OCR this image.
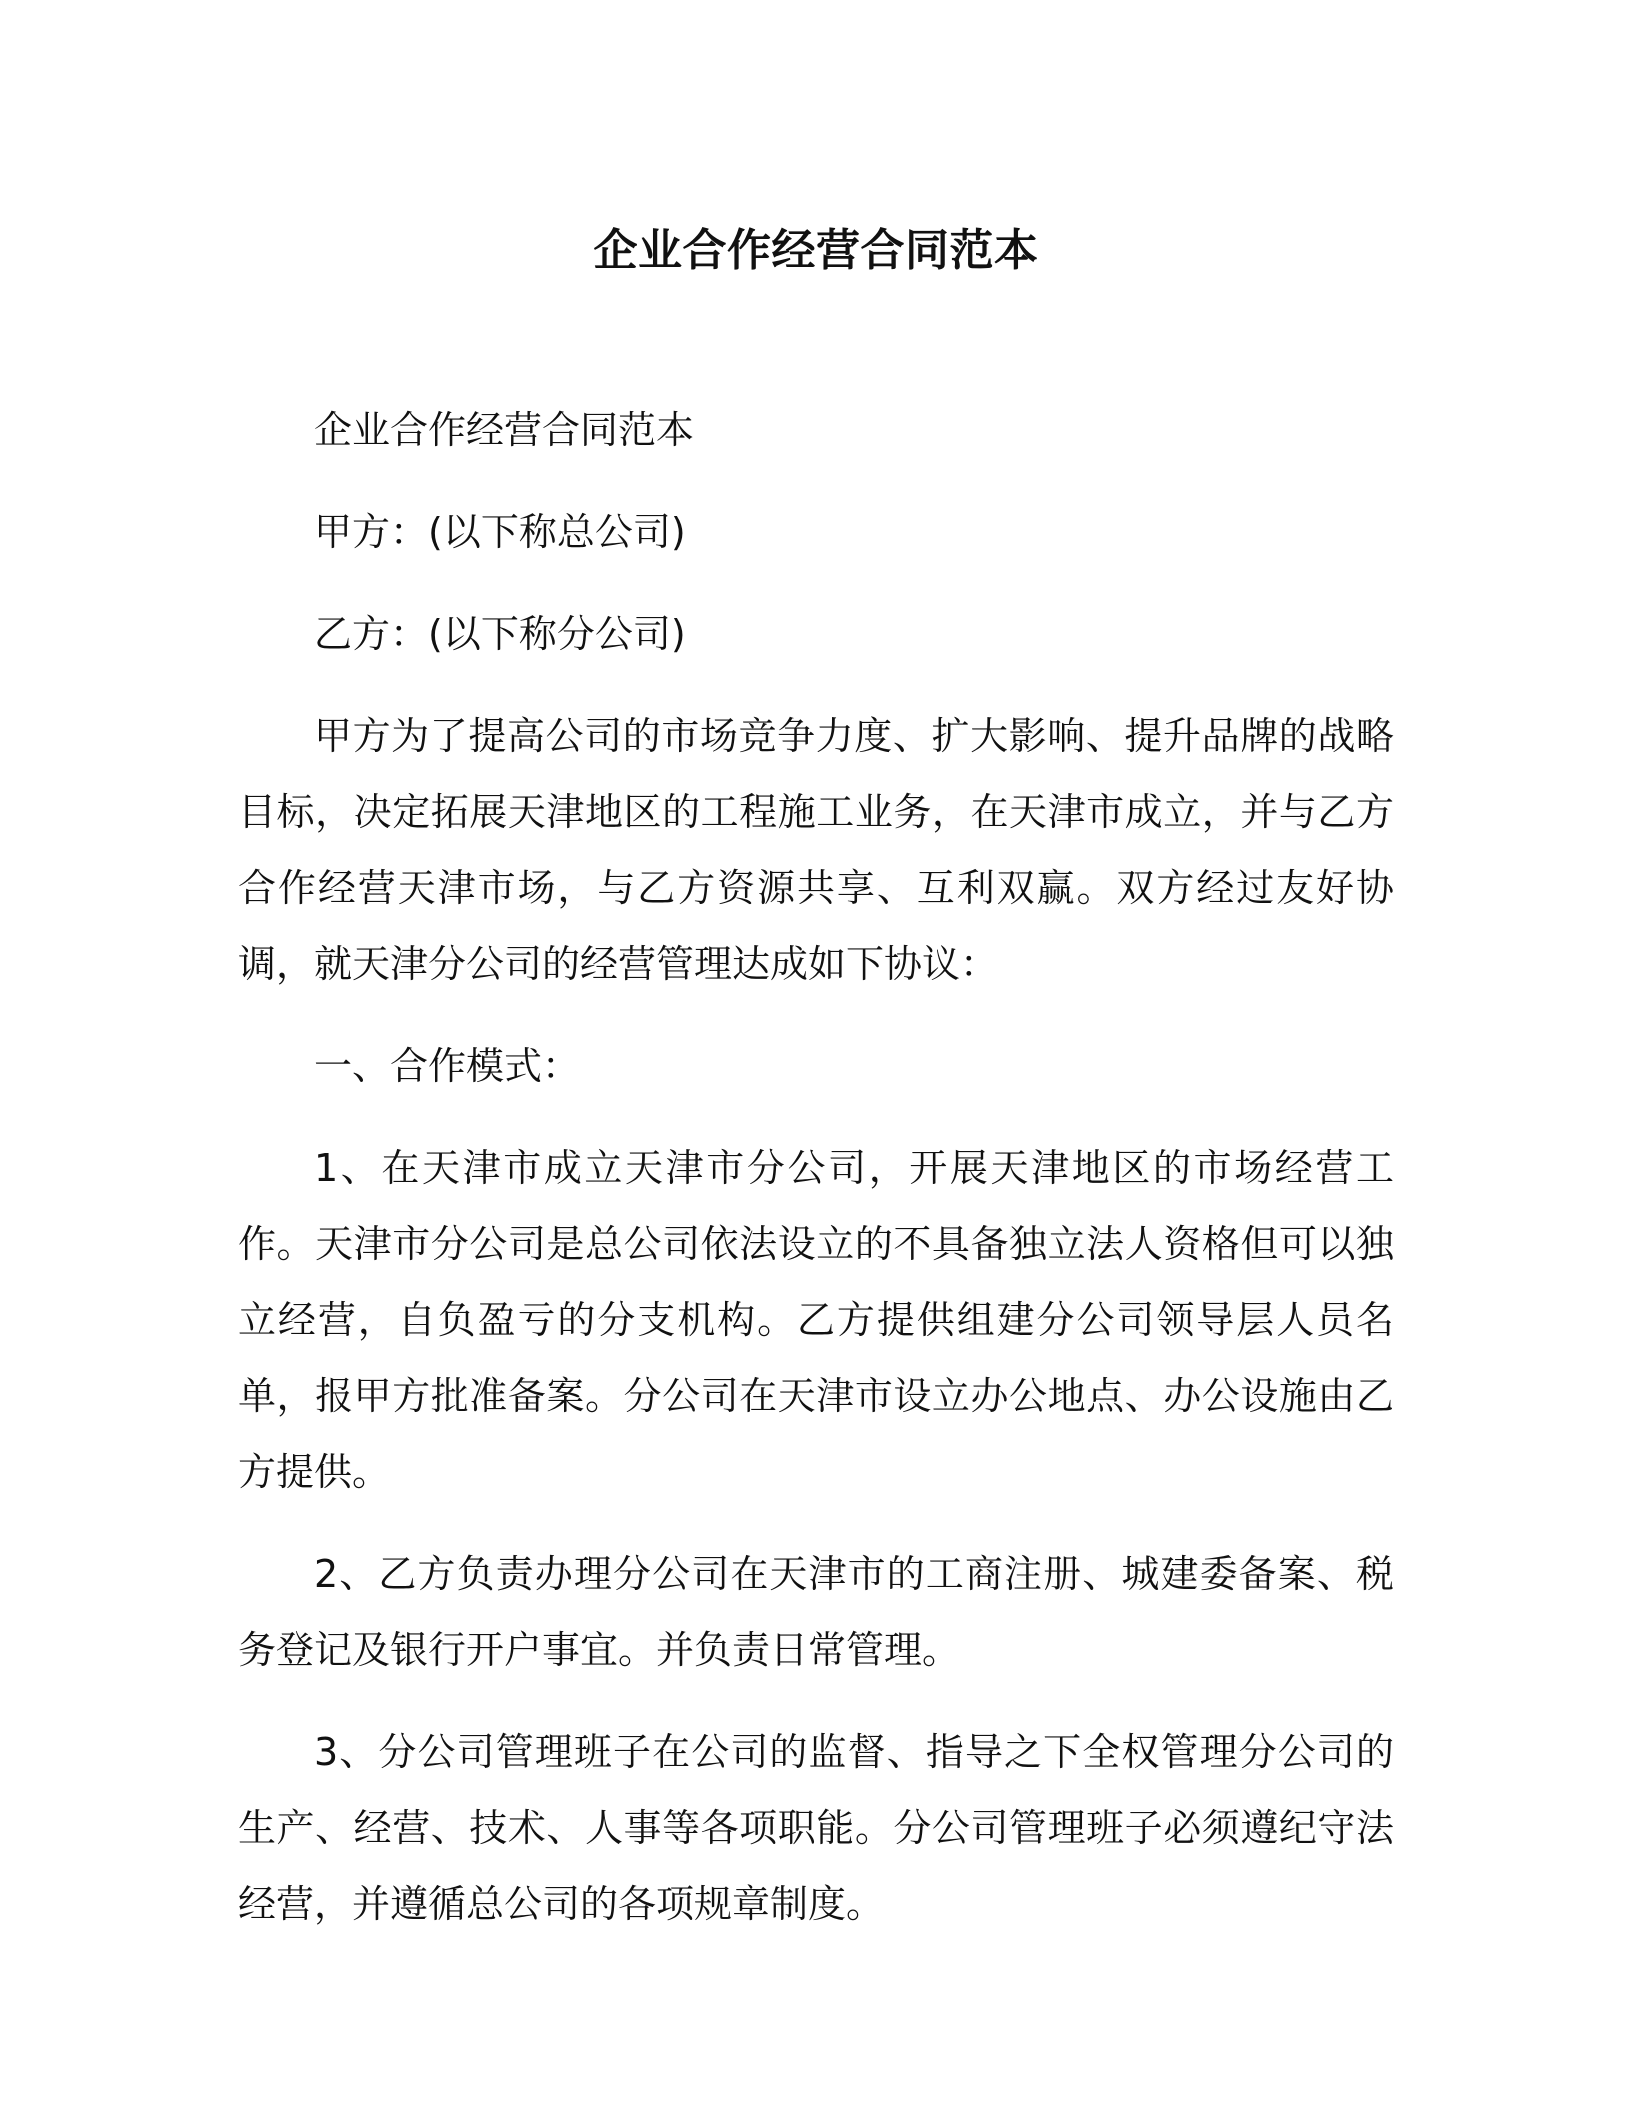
企业合作经营合同范本

企业合作经营合同范本

甲方：(以下称总公司)

乙方：(以下称分公司)

甲方为了提高公司的市场竞争力度、扩大影响、提升品牌的战略目标，决定拓展天津地区的工程施工业务，在天津市成立，并与乙方合作经营天津市场，与乙方资源共享、互利双赢。双方经过友好协调，就天津分公司的经营管理达成如下协议：

一、合作模式：

1、在天津市成立天津市分公司，开展天津地区的市场经营工作。天津市分公司是总公司依法设立的不具备独立法人资格但可以独立经营，自负盈亏的分支机构。乙方提供组建分公司领导层人员名单，报甲方批准备案。分公司在天津市设立办公地点、办公设施由乙方提供。

2、乙方负责办理分公司在天津市的工商注册、城建委备案、税务登记及银行开户事宜。并负责日常管理。

3、分公司管理班子在公司的监督、指导之下全权管理分公司的生产、经营、技术、人事等各项职能。分公司管理班子必须遵纪守法经营，并遵循总公司的各项规章制度。
